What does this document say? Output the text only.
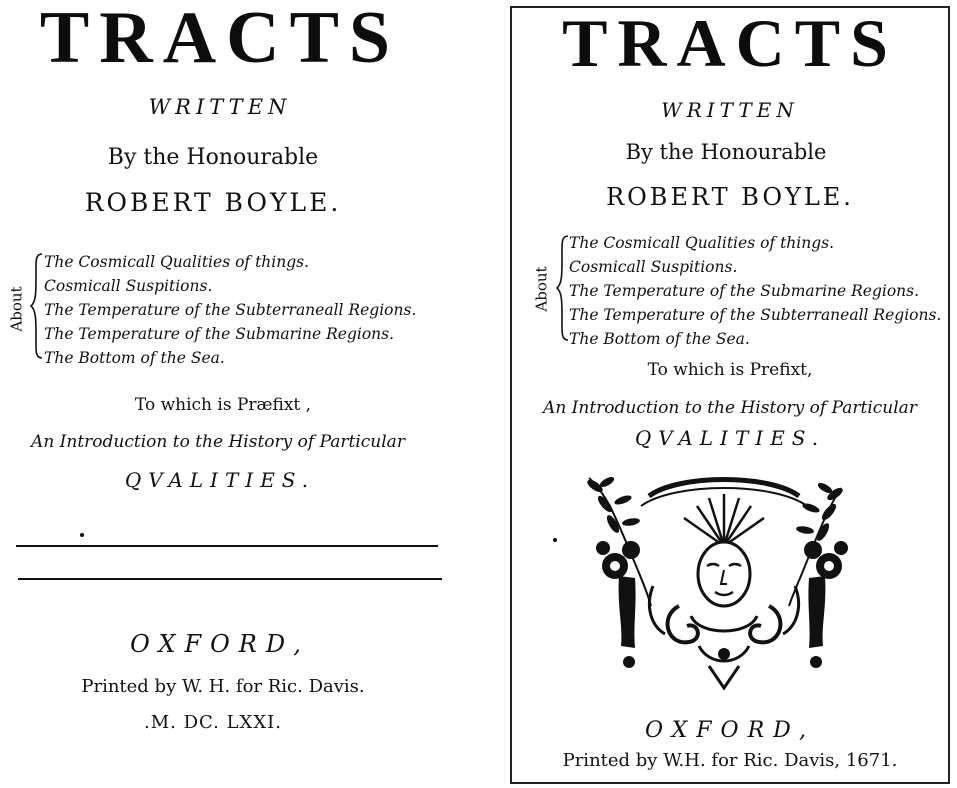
TRACTS
WRITTEN
By the Honourable
ROBERT BOYLE.
About
The Cosmicall Qualities of things.
Cosmicall Suspitions.
The Temperature of the Subterraneall Regions.
The Temperature of the Submarine Regions.
The Bottom of the Sea.
To which is Præfixt ,
An Introduction to the History of Particular
QVALITIES.
OXFORD,
Printed by W. H. for Ric. Davis.
.M. DC. LXXI.
TRACTS
WRITTEN
By the Honourable
ROBERT BOYLE.
About
The Cosmicall Qualities of things.
Cosmicall Suspitions.
The Temperature of the Submarine Regions.
The Temperature of the Subterraneall Regions.
The Bottom of the Sea.
To which is Prefixt,
An Introduction to the History of Particular
QVALITIES.
OXFORD,
Printed by W.H. for Ric. Davis, 1671.
